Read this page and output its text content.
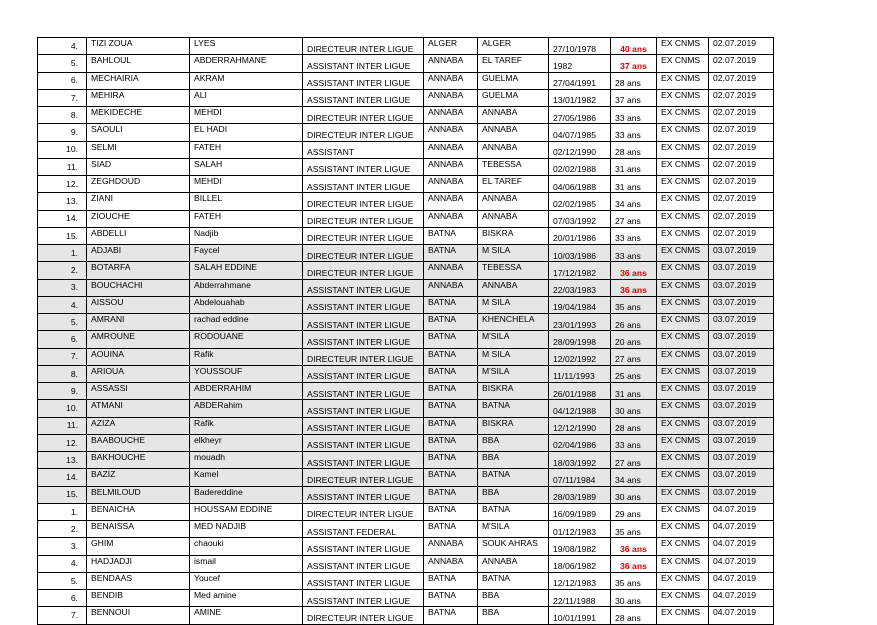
4.	TIZI ZOUA	LYES	DIRECTEUR INTER LIGUE	ALGER	ALGER	27/10/1978	40 ans	EX CNMS	02.07.2019
5.	BAHLOUL	ABDERRAHMANE	ASSISTANT INTER LIGUE	ANNABA	EL TAREF	1982	37 ans	EX CNMS	02.07.2019
6.	MECHAIRIA	AKRAM	ASSISTANT INTER LIGUE	ANNABA	GUELMA	27/04/1991	28 ans	EX CNMS	02.07.2019
7.	MEHIRA	ALI	ASSISTANT INTER LIGUE	ANNABA	GUELMA	13/01/1982	37 ans	EX CNMS	02.07.2019
8.	MEKIDECHE	MEHDI	DIRECTEUR INTER LIGUE	ANNABA	ANNABA	27/05/1986	33 ans	EX CNMS	02.07.2019
9.	SAOULI	EL HADI	DIRECTEUR INTER LIGUE	ANNABA	ANNABA	04/07/1985	33 ans	EX CNMS	02.07.2019
10.	SELMI	FATEH	ASSISTANT	ANNABA	ANNABA	02/12/1990	28 ans	EX CNMS	02.07.2019
11.	SIAD	SALAH	ASSISTANT INTER LIGUE	ANNABA	TEBESSA	02/02/1988	31 ans	EX CNMS	02.07.2019
12.	ZEGHDOUD	MEHDI	ASSISTANT INTER LIGUE	ANNABA	EL TAREF	04/06/1988	31 ans	EX CNMS	02.07.2019
13.	ZIANI	BILLEL	DIRECTEUR INTER LIGUE	ANNABA	ANNABA	02/02/1985	34 ans	EX CNMS	02.07.2019
14.	ZIOUCHE	FATEH	DIRECTEUR INTER LIGUE	ANNABA	ANNABA	07/03/1992	27 ans	EX CNMS	02.07.2019
15.	ABDELLI	Nadjib	DIRECTEUR INTER LIGUE	BATNA	BISKRA	20/01/1986	33 ans	EX CNMS	02.07.2019
1.	ADJABI	Faycel	DIRECTEUR INTER LIGUE	BATNA	M SILA	10/03/1986	33 ans	EX CNMS	03.07.2019
2.	BOTARFA	SALAH EDDINE	DIRECTEUR INTER LIGUE	ANNABA	TEBESSA	17/12/1982	36 ans	EX CNMS	03.07.2019
3.	BOUCHACHI	Abderrahmane	ASSISTANT INTER LIGUE	ANNABA	ANNABA	22/03/1983	36 ans	EX CNMS	03.07.2019
4.	AISSOU	Abdelouahab	ASSISTANT INTER LIGUE	BATNA	M SILA	19/04/1984	35 ans	EX CNMS	03.07.2019
5.	AMRANI	rachad eddine	ASSISTANT INTER LIGUE	BATNA	KHENCHELA	23/01/1993	26 ans	EX CNMS	03.07.2019
6.	AMROUNE	RODOUANE	ASSISTANT INTER LIGUE	BATNA	M'SILA	28/09/1998	20 ans	EX CNMS	03.07.2019
7.	AOUINA	Rafik	DIRECTEUR INTER LIGUE	BATNA	M SILA	12/02/1992	27 ans	EX CNMS	03.07.2019
8.	ARIOUA	YOUSSOUF	ASSISTANT INTER LIGUE	BATNA	M'SILA	11/11/1993	25 ans	EX CNMS	03.07.2019
9.	ASSASSI	ABDERRAHIM	ASSISTANT INTER LIGUE	BATNA	BISKRA	26/01/1988	31 ans	EX CNMS	03.07.2019
10.	ATMANI	ABDERahim	ASSISTANT INTER LIGUE	BATNA	BATNA	04/12/1988	30 ans	EX CNMS	03.07.2019
11.	AZIZA	Rafik	ASSISTANT INTER LIGUE	BATNA	BISKRA	12/12/1990	28 ans	EX CNMS	03.07.2019
12.	BAABOUCHE	elkheyr	ASSISTANT INTER LIGUE	BATNA	BBA	02/04/1986	33 ans	EX CNMS	03.07.2019
13.	BAKHOUCHE	mouadh	ASSISTANT INTER LIGUE	BATNA	BBA	18/03/1992	27 ans	EX CNMS	03.07.2019
14.	BAZIZ	Kamel	DIRECTEUR INTER LIGUE	BATNA	BATNA	07/11/1984	34 ans	EX CNMS	03.07.2019
15.	BELMILOUD	Badereddine	ASSISTANT INTER LIGUE	BATNA	BBA	28/03/1989	30 ans	EX CNMS	03.07.2019
1.	BENAICHA	HOUSSAM EDDINE	DIRECTEUR INTER LIGUE	BATNA	BATNA	16/09/1989	29 ans	EX CNMS	04.07.2019
2.	BENAISSA	MED NADJIB	ASSISTANT FEDERAL	BATNA	M'SILA	01/12/1983	35 ans	EX CNMS	04.07.2019
3.	GHIM	chaouki	ASSISTANT INTER LIGUE	ANNABA	SOUK AHRAS	19/08/1982	36 ans	EX CNMS	04.07.2019
4.	HADJADJI	ismail	ASSISTANT INTER LIGUE	ANNABA	ANNABA	18/06/1982	36 ans	EX CNMS	04.07.2019
5.	BENDAAS	Youcef	ASSISTANT INTER LIGUE	BATNA	BATNA	12/12/1983	35 ans	EX CNMS	04.07.2019
6.	BENDIB	Med amine	ASSISTANT INTER LIGUE	BATNA	BBA	22/11/1988	30 ans	EX CNMS	04.07.2019
7.	BENNOUI	AMINE	DIRECTEUR INTER LIGUE	BATNA	BBA	10/01/1991	28 ans	EX CNMS	04.07.2019
